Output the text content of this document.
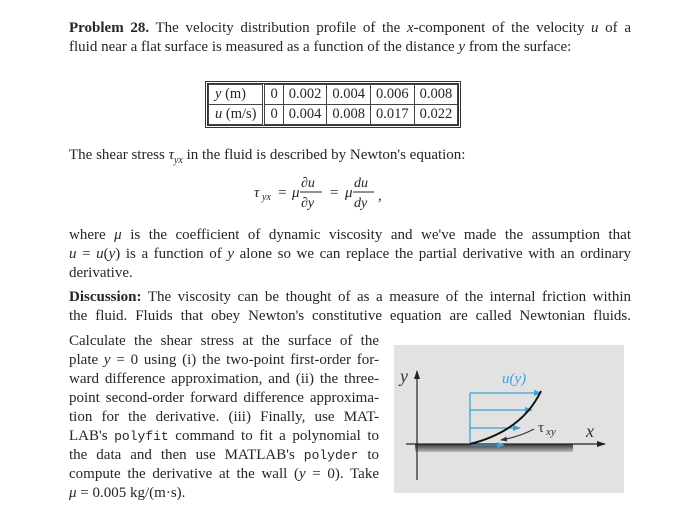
Problem 28. The velocity distribution profile of the x-component of the velocity u of a
fluid near a flat surface is measured as a function of the distance y from the surface:
y (m)	0	0.002	0.004	0.006	0.008
u (m/s)	0	0.004	0.008	0.017	0.022
The shear stress $\tau_{yx}$ in the fluid is described by Newton's equation:
τ yx = μ
∂u
∂y
= μ
du
dy ,
where μ is the coefficient of dynamic viscosity and we've made the assumption that
u = u(y) is a function of y alone so we can replace the partial derivative with an ordinary
derivative.
Discussion: The viscosity can be thought of as a measure of the internal friction within
the fluid. Fluids that obey Newton's constitutive equation are called Newtonian fluids.
Calculate the shear stress at the surface of the
plate y = 0 using (i) the two-point first-order for-
ward difference approximation, and (ii) the three-
point second-order forward difference approxima-
tion for the derivative. (iii) Finally, use MAT-
LAB's polyfit command to fit a polynomial to
the data and then use MATLAB's polyder to
compute the derivative at the wall (y = 0). Take
μ = 0.005 kg/(m·s).
y
x
u(y)
τ xy
